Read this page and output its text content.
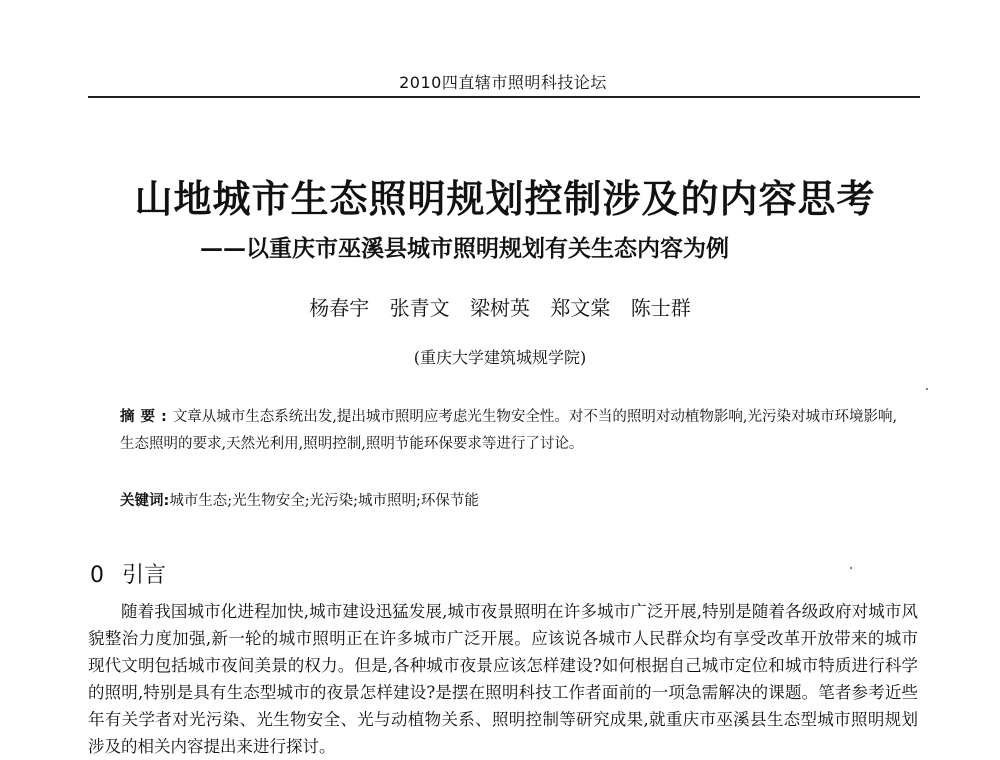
2010四直辖市照明科技论坛
山地城市生态照明规划控制涉及的内容思考
——以重庆市巫溪县城市照明规划有关生态内容为例
杨春宇 张青文 梁树英 郑文棠 陈士群
(重庆大学建筑城规学院)
摘要:文章从城市生态系统出发,提出城市照明应考虑光生物安全性。对不当的照明对动植物影响,光污染对城市环境影响,生态照明的要求,天然光利用,照明控制,照明节能环保要求等进行了讨论。
关键词:城市生态;光生物安全;光污染;城市照明;环保节能
0 引言
随着我国城市化进程加快,城市建设迅猛发展,城市夜景照明在许多城市广泛开展,特别是随着各级政府对城市风貌整治力度加强,新一轮的城市照明正在许多城市广泛开展。应该说各城市人民群众均有享受改革开放带来的城市现代文明包括城市夜间美景的权力。但是,各种城市夜景应该怎样建设?如何根据自己城市定位和城市特质进行科学的照明,特别是具有生态型城市的夜景怎样建设?是摆在照明科技工作者面前的一项急需解决的课题。笔者参考近些年有关学者对光污染、光生物安全、光与动植物关系、照明控制等研究成果,就重庆市巫溪县生态型城市照明规划涉及的相关内容提出来进行探讨。
